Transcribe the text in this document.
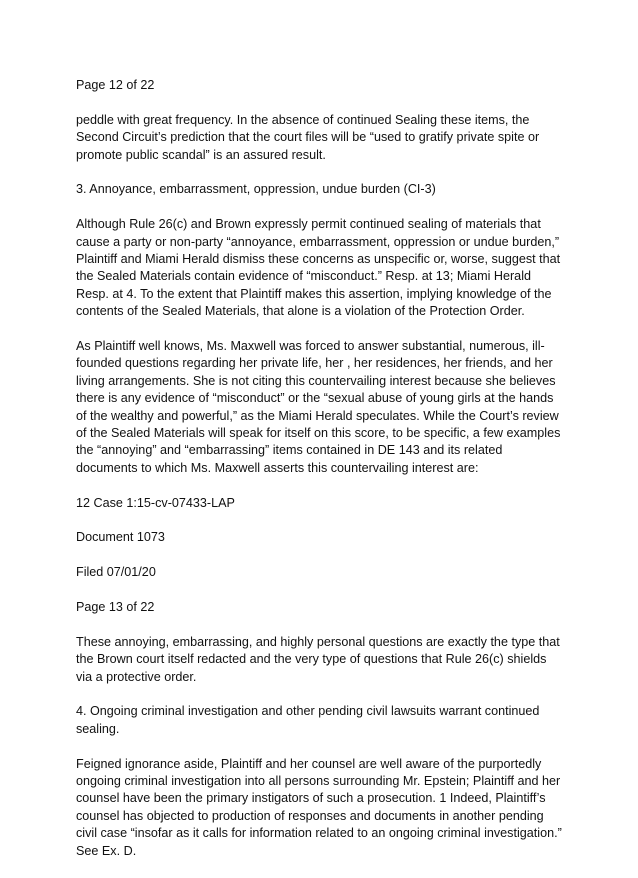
Page 12 of 22

peddle with great frequency. In the absence of continued Sealing these items, the Second Circuit’s prediction that the court files will be “used to gratify private spite or promote public scandal” is an assured result.

3. Annoyance, embarrassment, oppression, undue burden (CI-3)

Although Rule 26(c) and Brown expressly permit continued sealing of materials that cause a party or non-party “annoyance, embarrassment, oppression or undue burden,” Plaintiff and Miami Herald dismiss these concerns as unspecific or, worse, suggest that the Sealed Materials contain evidence of “misconduct.” Resp. at 13; Miami Herald Resp. at 4. To the extent that Plaintiff makes this assertion, implying knowledge of the contents of the Sealed Materials, that alone is a violation of the Protection Order.

As Plaintiff well knows, Ms. Maxwell was forced to answer substantial, numerous, ill-founded questions regarding her private life, her , her residences, her friends, and her living arrangements. She is not citing this countervailing interest because she believes there is any evidence of “misconduct” or the “sexual abuse of young girls at the hands of the wealthy and powerful,” as the Miami Herald speculates. While the Court’s review of the Sealed Materials will speak for itself on this score, to be specific, a few examples the “annoying” and “embarrassing” items contained in DE 143 and its related documents to which Ms. Maxwell asserts this countervailing interest are:

12 Case 1:15-cv-07433-LAP

Document 1073

Filed 07/01/20

Page 13 of 22

These annoying, embarrassing, and highly personal questions are exactly the type that the Brown court itself redacted and the very type of questions that Rule 26(c) shields via a protective order.

4. Ongoing criminal investigation and other pending civil lawsuits warrant continued sealing.

Feigned ignorance aside, Plaintiff and her counsel are well aware of the purportedly ongoing criminal investigation into all persons surrounding Mr. Epstein; Plaintiff and her counsel have been the primary instigators of such a prosecution. 1 Indeed, Plaintiff’s counsel has objected to production of responses and documents in another pending civil case “insofar as it calls for information related to an ongoing criminal investigation.” See Ex. D.
